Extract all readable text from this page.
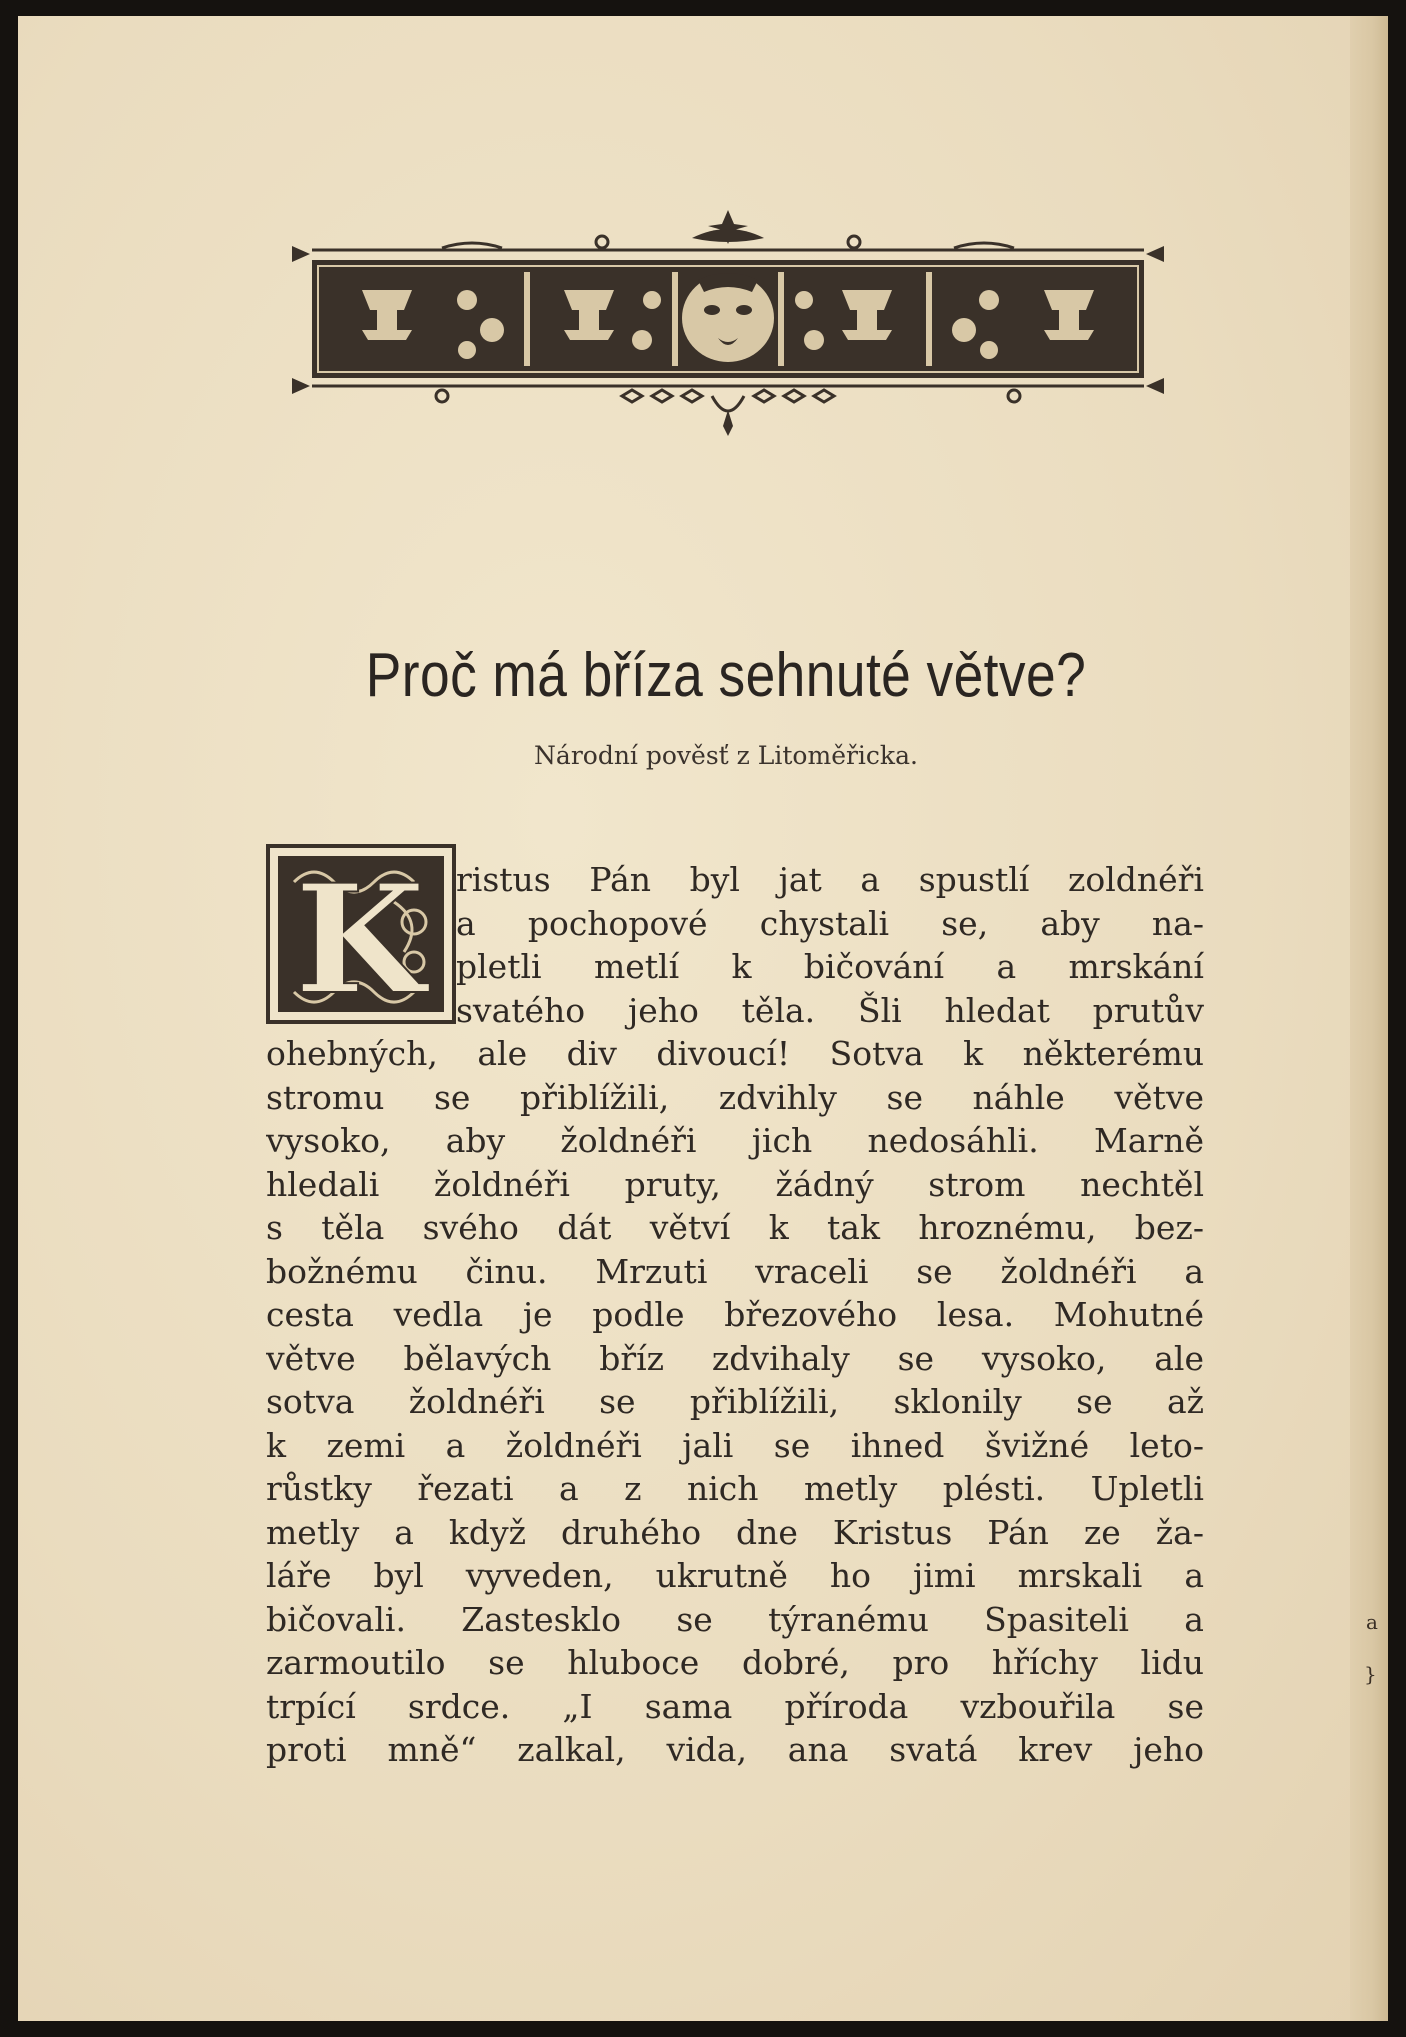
a
}
Proč má bříza sehnuté větve?
Národní pověsť z Litoměřicka.
K ristus Pán byl jat a spustlí zoldnéři
a pochopové chystali se, aby na-
pletli metlí k bičování a mrskání
svatého jeho těla. Šli hledat prutův
ohebných, ale div divoucí! Sotva k některému
stromu se přiblížili, zdvihly se náhle větve
vysoko, aby žoldnéři jich nedosáhli. Marně
hledali žoldnéři pruty, žádný strom nechtěl
s těla svého dát větví k tak hroznému, bez-
božnému činu. Mrzuti vraceli se žoldnéři a
cesta vedla je podle březového lesa. Mohutné
větve bělavých bříz zdvihaly se vysoko, ale
sotva žoldnéři se přiblížili, sklonily se až
k zemi a žoldnéři jali se ihned švižné leto-
růstky řezati a z nich metly plésti. Upletli
metly a když druhého dne Kristus Pán ze ža-
láře byl vyveden, ukrutně ho jimi mrskali a
bičovali. Zastesklo se týranému Spasiteli a
zarmoutilo se hluboce dobré, pro hříchy lidu
trpící srdce. „I sama příroda vzbouřila se
proti mně“ zalkal, vida, ana svatá krev jeho
